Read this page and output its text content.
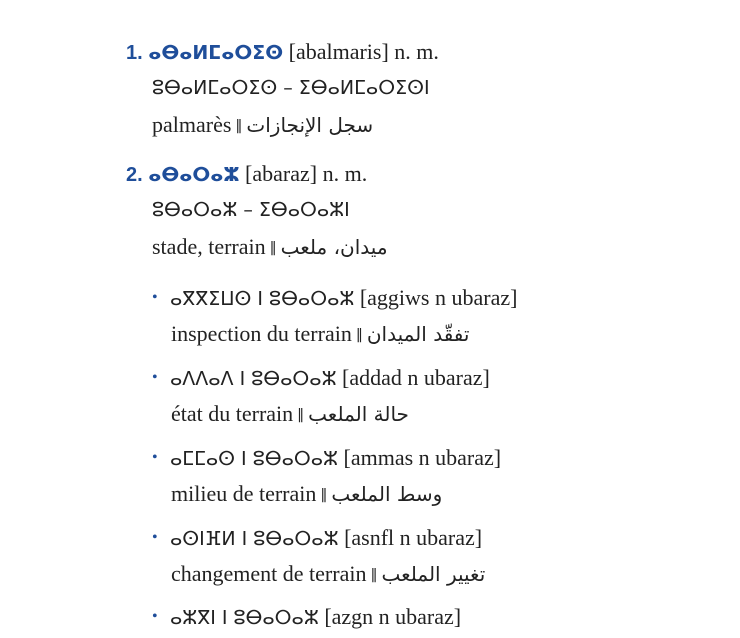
1. ⴰⴱⴰⵍⵎⴰⵔⵉⵙ [abalmaris] n. m.
ⵓⴱⴰⵍⵎⴰⵔⵉⵙ – ⵉⴱⴰⵍⵎⴰⵔⵉⵙⵏ
palmarès ‖ سجل الإنجازات
2. ⴰⴱⴰⵔⴰⵣ [abaraz] n. m.
ⵓⴱⴰⵔⴰⵣ – ⵉⴱⴰⵔⴰⵣⵏ
stade, terrain ‖ ميدان، ملعب
• ⴰⴳⴳⵉⵡⵙ ⵏ ⵓⴱⴰⵔⴰⵣ [aggiws n ubaraz]
inspection du terrain ‖ تفقّد الميدان
• ⴰⴷⴷⴰⴷ ⵏ ⵓⴱⴰⵔⴰⵣ [addad n ubaraz]
état du terrain ‖ حالة الملعب
• ⴰⵎⵎⴰⵙ ⵏ ⵓⴱⴰⵔⴰⵣ [ammas n ubaraz]
milieu de terrain ‖ وسط الملعب
• ⴰⵙⵏⴼⵍ ⵏ ⵓⴱⴰⵔⴰⵣ [asnfl n ubaraz]
changement de terrain ‖ تغيير الملعب
• ⴰⵣⴳⵏ ⵏ ⵓⴱⴰⵔⴰⵣ [azgn n ubaraz]
